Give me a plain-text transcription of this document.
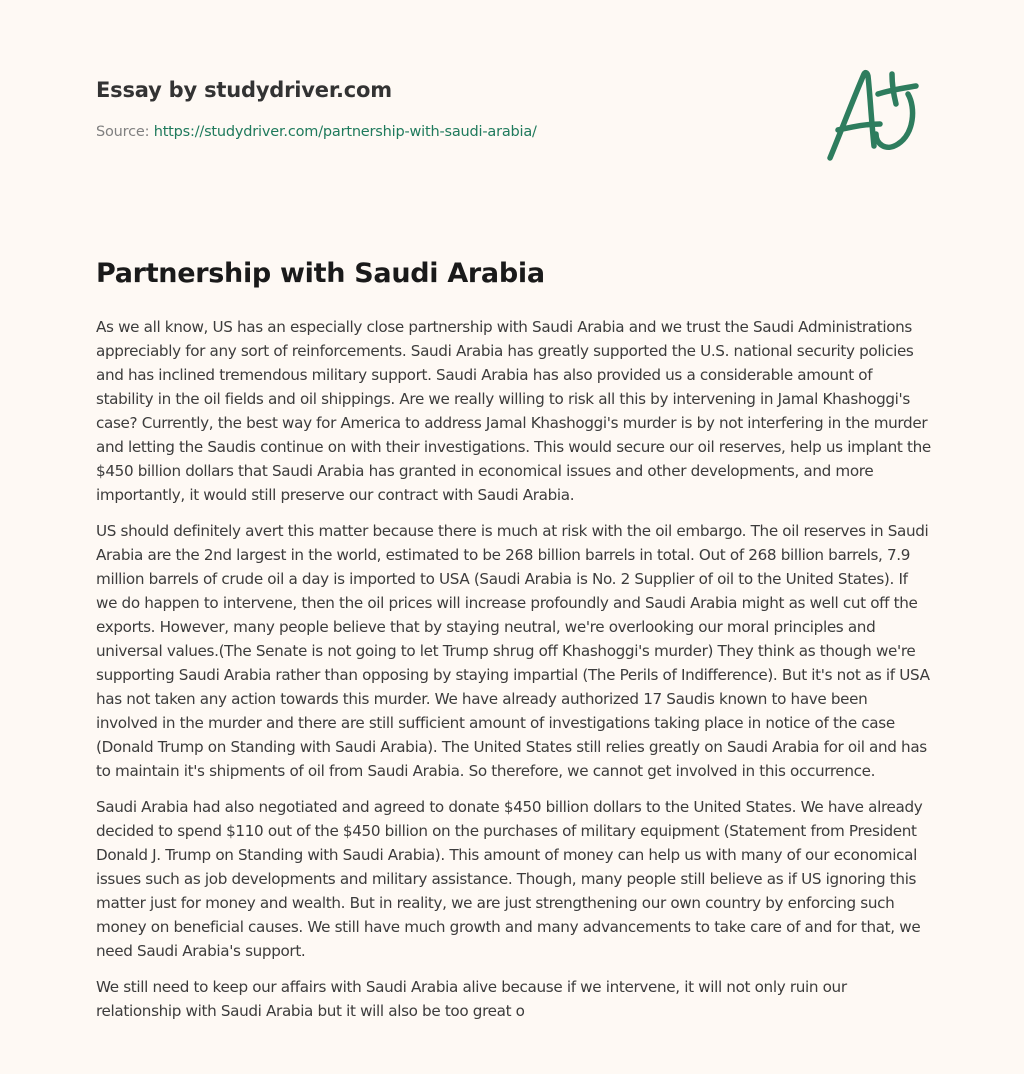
Essay by studydriver.com
Source: https://studydriver.com/partnership-with-saudi-arabia/
Partnership with Saudi Arabia

As we all know, US has an especially close partnership with Saudi Arabia and we trust the Saudi Administrations appreciably for any sort of reinforcements. Saudi Arabia has greatly supported the U.S. national security policies and has inclined tremendous military support. Saudi Arabia has also provided us a considerable amount of stability in the oil fields and oil shippings. Are we really willing to risk all this by intervening in Jamal Khashoggi's case? Currently, the best way for America to address Jamal Khashoggi's murder is by not interfering in the murder and letting the Saudis continue on with their investigations. This would secure our oil reserves, help us implant the $450 billion dollars that Saudi Arabia has granted in economical issues and other developments, and more importantly, it would still preserve our contract with Saudi Arabia.

US should definitely avert this matter because there is much at risk with the oil embargo. The oil reserves in Saudi Arabia are the 2nd largest in the world, estimated to be 268 billion barrels in total. Out of 268 billion barrels, 7.9 million barrels of crude oil a day is imported to USA (Saudi Arabia is No. 2 Supplier of oil to the United States). If we do happen to intervene, then the oil prices will increase profoundly and Saudi Arabia might as well cut off the exports. However, many people believe that by staying neutral, we're overlooking our moral principles and universal values.(The Senate is not going to let Trump shrug off Khashoggi's murder) They think as though we're supporting Saudi Arabia rather than opposing by staying impartial (The Perils of Indifference). But it's not as if USA has not taken any action towards this murder. We have already authorized 17 Saudis known to have been involved in the murder and there are still sufficient amount of investigations taking place in notice of the case (Donald Trump on Standing with Saudi Arabia). The United States still relies greatly on Saudi Arabia for oil and has to maintain it's shipments of oil from Saudi Arabia. So therefore, we cannot get involved in this occurrence.

Saudi Arabia had also negotiated and agreed to donate $450 billion dollars to the United States. We have already decided to spend $110 out of the $450 billion on the purchases of military equipment (Statement from President Donald J. Trump on Standing with Saudi Arabia). This amount of money can help us with many of our economical issues such as job developments and military assistance. Though, many people still believe as if US ignoring this matter just for money and wealth. But in reality, we are just strengthening our own country by enforcing such money on beneficial causes. We still have much growth and many advancements to take care of and for that, we need Saudi Arabia's support.

We still need to keep our affairs with Saudi Arabia alive because if we intervene, it will not only ruin our relationship with Saudi Arabia but it will also be too great o
